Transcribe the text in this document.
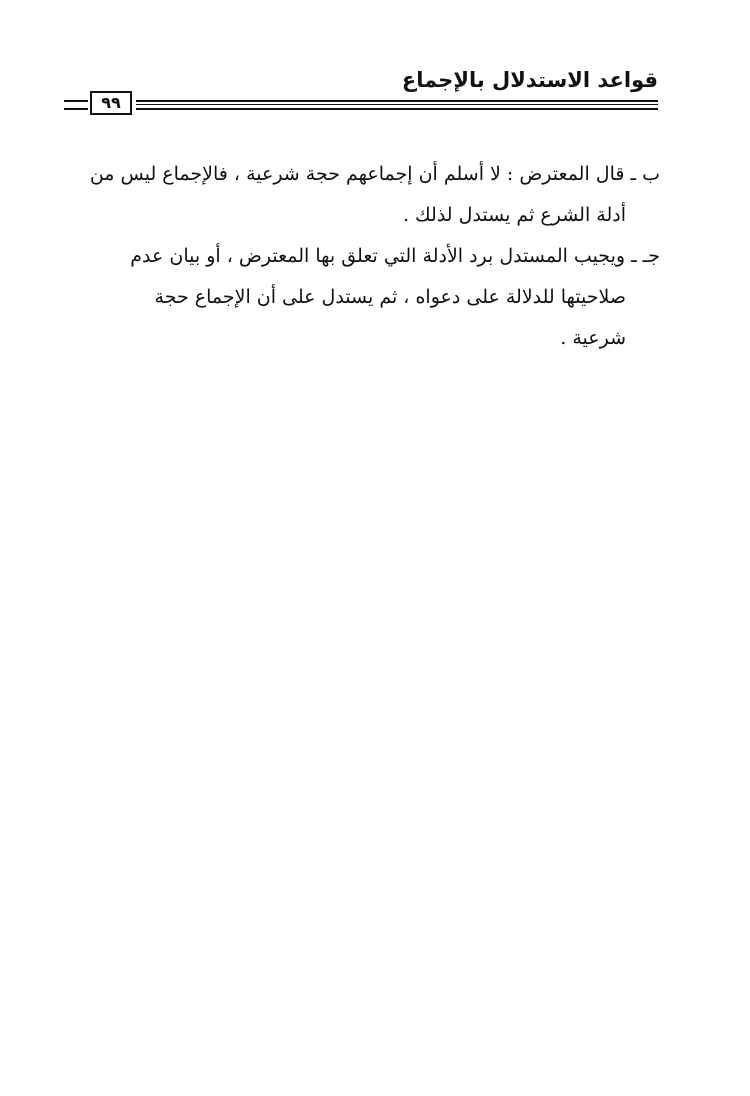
قواعد الاستدلال بالإجماع
٩٩

ب ـ قال المعترض : لا أسلم أن إجماعهم حجة شرعية ، فالإجماع ليس من
أدلة الشرع ثم يستدل لذلك .

جـ ـ ويجيب المستدل برد الأدلة التي تعلق بها المعترض ، أو بيان عدم
صلاحيتها للدلالة على دعواه ، ثم يستدل على أن الإجماع حجة
شرعية .
